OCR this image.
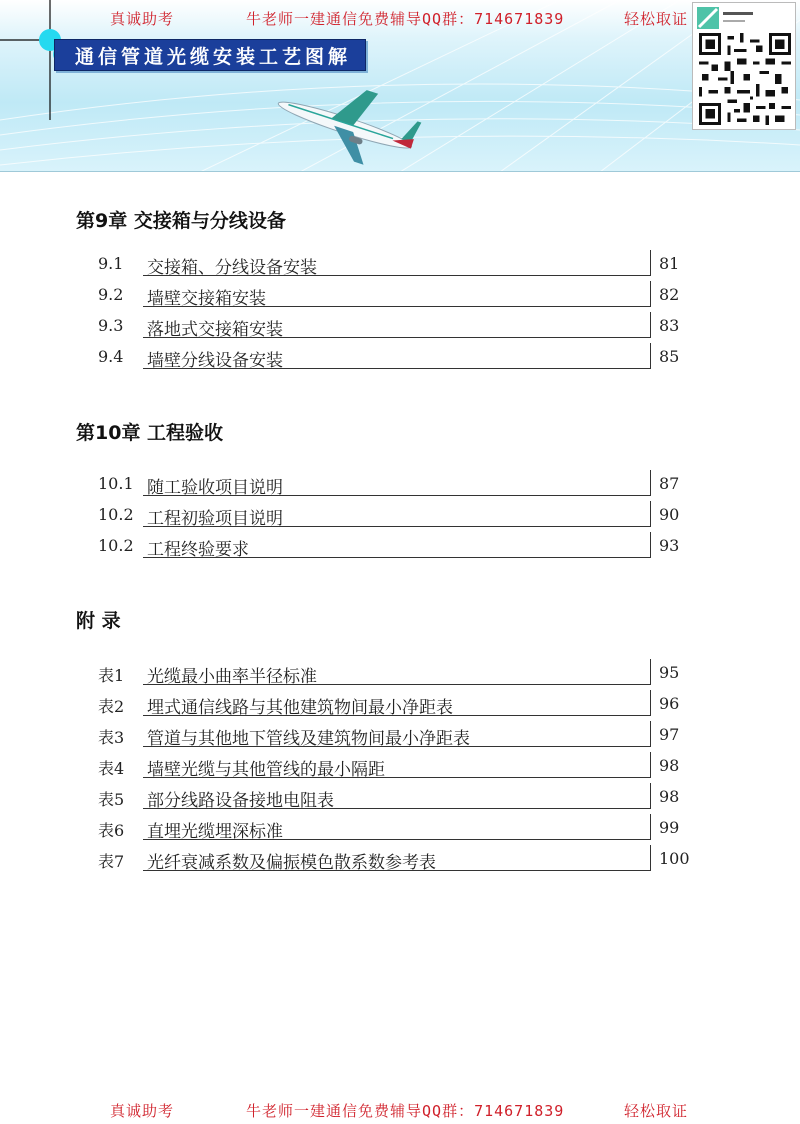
真诚助考	牛老师一建通信免费辅导QQ群：714671839	轻松取证
通信管道光缆安装工艺图解
第9章 交接箱与分线设备
9.1 交接箱、分线设备安装	81
9.2 墙壁交接箱安装	82
9.3 落地式交接箱安装	83
9.4 墙壁分线设备安装	85
第10章 工程验收
10.1 随工验收项目说明	87
10.2 工程初验项目说明	90
10.2 工程终验要求	93
附 录
表1 光缆最小曲率半径标准	95
表2 埋式通信线路与其他建筑物间最小净距表	96
表3 管道与其他地下管线及建筑物间最小净距表	97
表4 墙壁光缆与其他管线的最小隔距	98
表5 部分线路设备接地电阻表	98
表6 直埋光缆埋深标准	99
表7 光纤衰减系数及偏振模色散系数参考表	100
真诚助考	牛老师一建通信免费辅导QQ群：714671839	轻松取证
